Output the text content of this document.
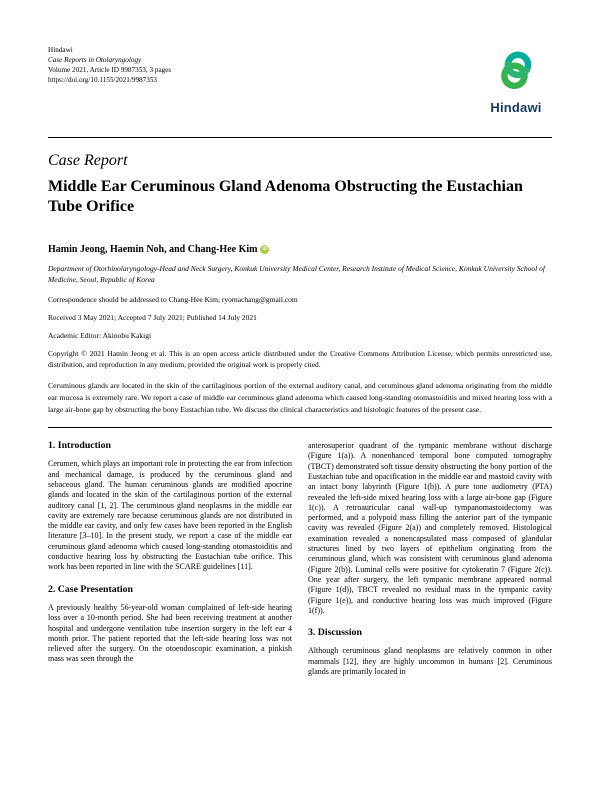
Hindawi
Case Reports in Otolaryngology
Volume 2021, Article ID 9987353, 3 pages
https://doi.org/10.1155/2021/9987353
Hindawi
Case Report
Middle Ear Ceruminous Gland Adenoma Obstructing the Eustachian Tube Orifice
Hamin Jeong, Haemin Noh, and Chang-Hee Kim iD
Department of Otorhinolaryngology-Head and Neck Surgery, Konkuk University Medical Center, Research Institute of Medical Science, Konkuk University School of Medicine, Seoul, Republic of Korea
Correspondence should be addressed to Chang-Hee Kim; ryomachang@gmail.com
Received 3 May 2021; Accepted 7 July 2021; Published 14 July 2021
Academic Editor: Akinobu Kakigi
Copyright © 2021 Hamin Jeong et al. This is an open access article distributed under the Creative Commons Attribution License, which permits unrestricted use, distribution, and reproduction in any medium, provided the original work is properly cited.
Ceruminous glands are located in the skin of the cartilaginous portion of the external auditory canal, and ceruminous gland adenoma originating from the middle ear mucosa is extremely rare. We report a case of middle ear ceruminous gland adenoma which caused long-standing otomastoiditis and mixed hearing loss with a large air-bone gap by obstructing the bony Eustachian tube. We discuss the clinical characteristics and histologic features of the present case.
1. Introduction

Cerumen, which plays an important role in protecting the ear from infection and mechanical damage, is produced by the ceruminous gland and sebaceous gland. The human ceruminous glands are modified apocrine glands and located in the skin of the cartilaginous portion of the external auditory canal [1, 2]. The ceruminous gland neoplasms in the middle ear cavity are extremely rare because ceruminous glands are not distributed in the middle ear cavity, and only few cases have been reported in the English literature [3–10]. In the present study, we report a case of the middle ear ceruminous gland adenoma which caused long-standing otomastoiditis and conductive hearing loss by obstructing the Eustachian tube orifice. This work has been reported in line with the SCARE guidelines [11].

2. Case Presentation

A previously healthy 56-year-old woman complained of left-side hearing loss over a 10-month period. She had been receiving treatment at another hospital and undergone ventilation tube insertion surgery in the left ear 4 month prior. The patient reported that the left-side hearing loss was not relieved after the surgery. On the otoendoscopic examination, a pinkish mass was seen through the

anterosuperior quadrant of the tympanic membrane without discharge (Figure 1(a)). A nonenhanced temporal bone computed tomography (TBCT) demonstrated soft tissue density obstructing the bony portion of the Eustachian tube and opacification in the middle ear and mastoid cavity with an intact bony labyrinth (Figure 1(b)). A pure tone audiometry (PTA) revealed the left-side mixed hearing loss with a large air-bone gap (Figure 1(c)). A retroauricular canal wall-up tympanomastoidectomy was performed, and a polypoid mass filling the anterior part of the tympanic cavity was revealed (Figure 2(a)) and completely removed. Histological examination revealed a nonencapsulated mass composed of glandular structures lined by two layers of epithelium originating from the ceruminous gland, which was consistent with ceruminous gland adenoma (Figure 2(b)). Luminal cells were positive for cytokeratin 7 (Figure 2(c)). One year after surgery, the left tympanic membrane appeared normal (Figure 1(d)), TBCT revealed no residual mass in the tympanic cavity (Figure 1(e)), and conductive hearing loss was much improved (Figure 1(f)).

3. Discussion

Although ceruminous gland neoplasms are relatively common in other mammals [12], they are highly uncommon in humans [2]. Ceruminous glands are primarily located in
